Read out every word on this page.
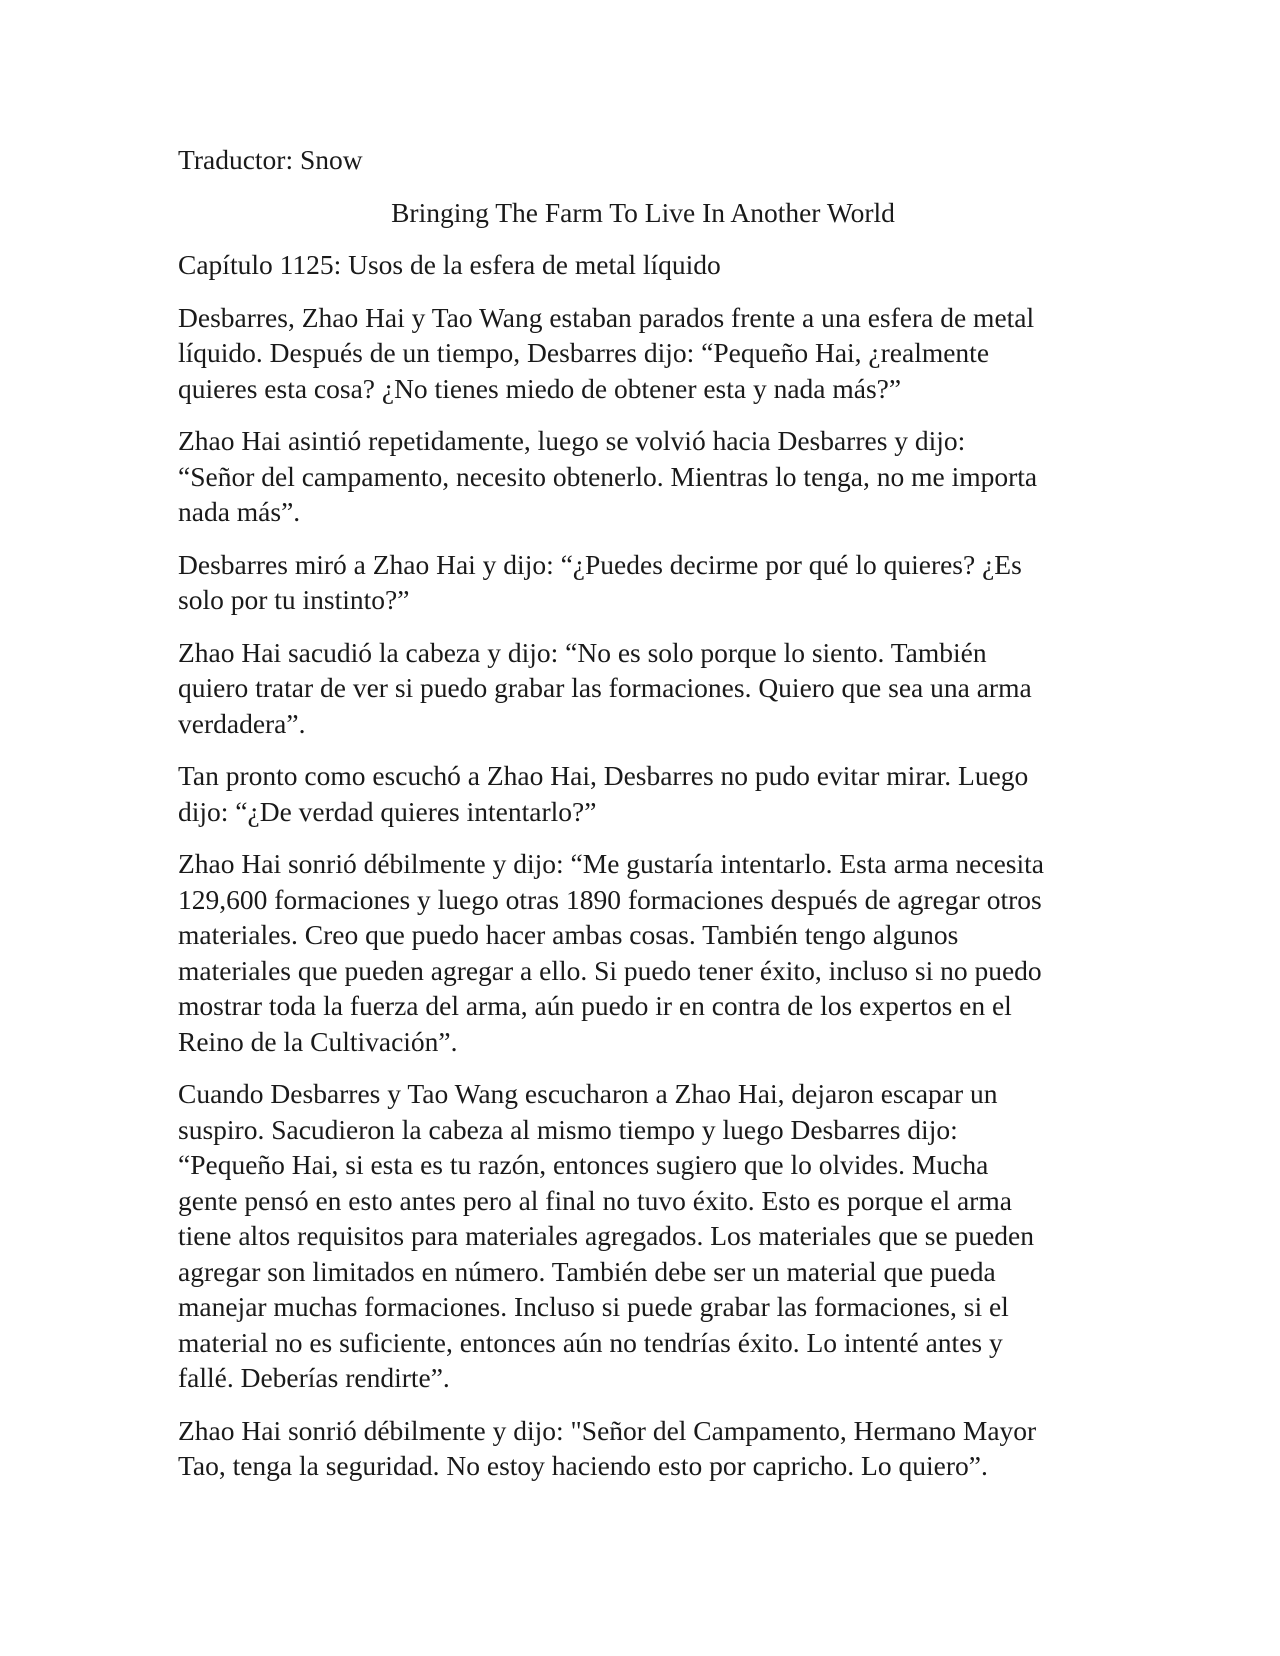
Traductor: Snow
Bringing The Farm To Live In Another World
Capítulo 1125: Usos de la esfera de metal líquido
Desbarres, Zhao Hai y Tao Wang estaban parados frente a una esfera de metal
líquido. Después de un tiempo, Desbarres dijo: “Pequeño Hai, ¿realmente
quieres esta cosa? ¿No tienes miedo de obtener esta y nada más?”
Zhao Hai asintió repetidamente, luego se volvió hacia Desbarres y dijo:
“Señor del campamento, necesito obtenerlo. Mientras lo tenga, no me importa
nada más”.
Desbarres miró a Zhao Hai y dijo: “¿Puedes decirme por qué lo quieres? ¿Es
solo por tu instinto?”
Zhao Hai sacudió la cabeza y dijo: “No es solo porque lo siento. También
quiero tratar de ver si puedo grabar las formaciones. Quiero que sea una arma
verdadera”.
Tan pronto como escuchó a Zhao Hai, Desbarres no pudo evitar mirar. Luego
dijo: “¿De verdad quieres intentarlo?”
Zhao Hai sonrió débilmente y dijo: “Me gustaría intentarlo. Esta arma necesita
129,600 formaciones y luego otras 1890 formaciones después de agregar otros
materiales. Creo que puedo hacer ambas cosas. También tengo algunos
materiales que pueden agregar a ello. Si puedo tener éxito, incluso si no puedo
mostrar toda la fuerza del arma, aún puedo ir en contra de los expertos en el
Reino de la Cultivación”.
Cuando Desbarres y Tao Wang escucharon a Zhao Hai, dejaron escapar un
suspiro. Sacudieron la cabeza al mismo tiempo y luego Desbarres dijo:
“Pequeño Hai, si esta es tu razón, entonces sugiero que lo olvides. Mucha
gente pensó en esto antes pero al final no tuvo éxito. Esto es porque el arma
tiene altos requisitos para materiales agregados. Los materiales que se pueden
agregar son limitados en número. También debe ser un material que pueda
manejar muchas formaciones. Incluso si puede grabar las formaciones, si el
material no es suficiente, entonces aún no tendrías éxito. Lo intenté antes y
fallé. Deberías rendirte”.
Zhao Hai sonrió débilmente y dijo: "Señor del Campamento, Hermano Mayor
Tao, tenga la seguridad. No estoy haciendo esto por capricho. Lo quiero”.
